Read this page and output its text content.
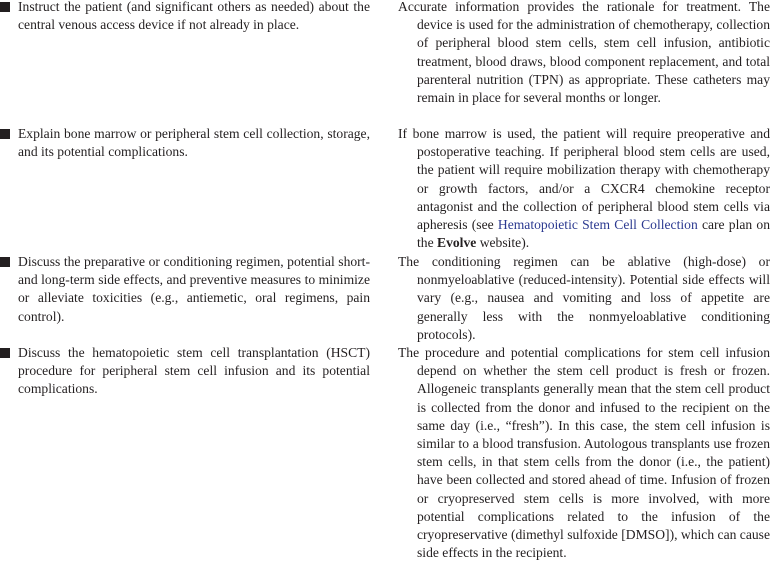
Instruct the patient (and significant others as needed) about the central venous access device if not already in place.
Accurate information provides the rationale for treatment. The device is used for the administration of chemotherapy, collection of peripheral blood stem cells, stem cell infusion, antibiotic treatment, blood draws, blood component replacement, and total parenteral nutrition (TPN) as appropriate. These catheters may remain in place for several months or longer.
Explain bone marrow or peripheral stem cell collection, storage, and its potential complications.
If bone marrow is used, the patient will require preoperative and postoperative teaching. If peripheral blood stem cells are used, the patient will require mobilization therapy with chemotherapy or growth factors, and/or a CXCR4 chemokine receptor antagonist and the collection of peripheral blood stem cells via apheresis (see Hematopoietic Stem Cell Collection care plan on the Evolve website).
Discuss the preparative or conditioning regimen, potential short- and long-term side effects, and preventive measures to minimize or alleviate toxicities (e.g., antiemetic, oral regimens, pain control).
The conditioning regimen can be ablative (high-dose) or nonmyeloablative (reduced-intensity). Potential side effects will vary (e.g., nausea and vomiting and loss of appetite are generally less with the nonmyeloablative conditioning protocols).
Discuss the hematopoietic stem cell transplantation (HSCT) procedure for peripheral stem cell infusion and its potential complications.
The procedure and potential complications for stem cell infusion depend on whether the stem cell product is fresh or frozen. Allogeneic transplants generally mean that the stem cell product is collected from the donor and infused to the recipient on the same day (i.e., “fresh”). In this case, the stem cell infusion is similar to a blood transfusion. Autologous transplants use frozen stem cells, in that stem cells from the donor (i.e., the patient) have been collected and stored ahead of time. Infusion of frozen or cryopreserved stem cells is more involved, with more potential complications related to the infusion of the cryopreservative (dimethyl sulfoxide [DMSO]), which can cause side effects in the recipient.
